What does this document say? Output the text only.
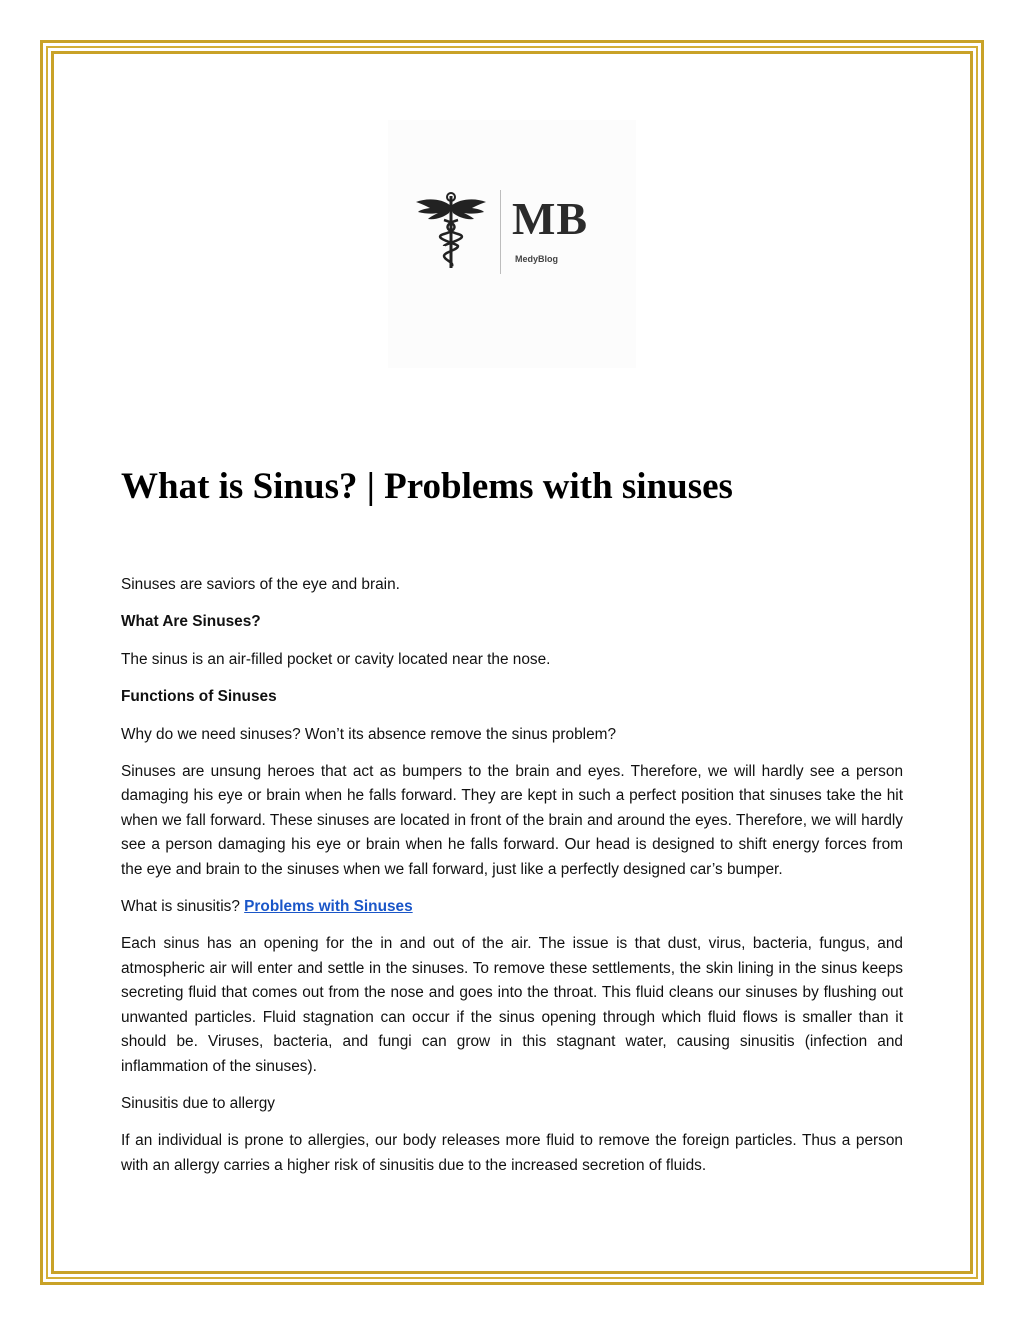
MB
MedyBlog
What is Sinus? | Problems with sinuses

Sinuses are saviors of the eye and brain.

What Are Sinuses?

The sinus is an air-filled pocket or cavity located near the nose.

Functions of Sinuses

Why do we need sinuses? Won’t its absence remove the sinus problem?

Sinuses are unsung heroes that act as bumpers to the brain and eyes. Therefore, we will hardly see a person damaging his eye or brain when he falls forward. They are kept in such a perfect position that sinuses take the hit when we fall forward. These sinuses are located in front of the brain and around the eyes. Therefore, we will hardly see a person damaging his eye or brain when he falls forward. Our head is designed to shift energy forces from the eye and brain to the sinuses when we fall forward, just like a perfectly designed car’s bumper.

What is sinusitis? Problems with Sinuses

Each sinus has an opening for the in and out of the air. The issue is that dust, virus, bacteria, fungus, and atmospheric air will enter and settle in the sinuses. To remove these settlements, the skin lining in the sinus keeps secreting fluid that comes out from the nose and goes into the throat. This fluid cleans our sinuses by flushing out unwanted particles. Fluid stagnation can occur if the sinus opening through which fluid flows is smaller than it should be. Viruses, bacteria, and fungi can grow in this stagnant water, causing sinusitis (infection and inflammation of the sinuses).

Sinusitis due to allergy

If an individual is prone to allergies, our body releases more fluid to remove the foreign particles. Thus a person with an allergy carries a higher risk of sinusitis due to the increased secretion of fluids.
